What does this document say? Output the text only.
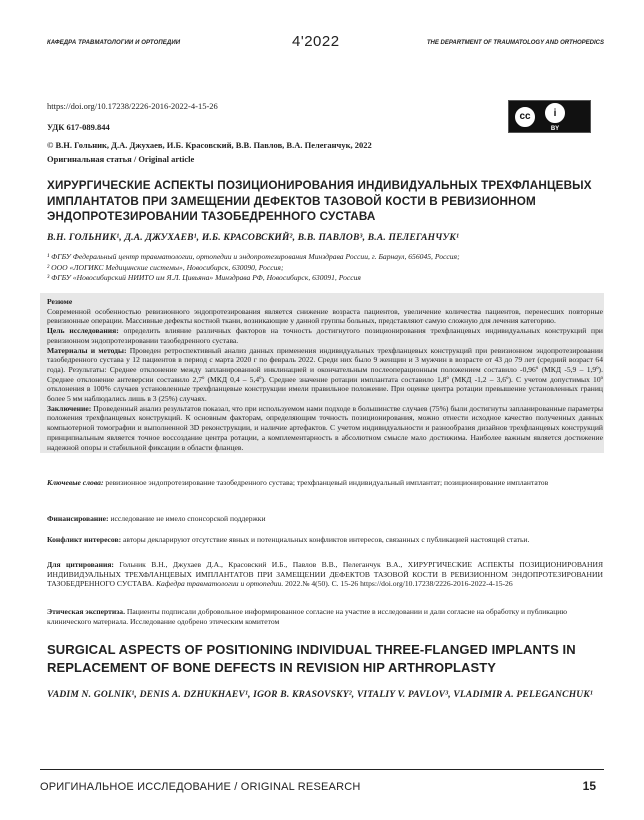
КАФЕДРА ТРАВМАТОЛОГИИ И ОРТОПЕДИИ	4'2022	THE DEPARTMENT OF TRAUMATOLOGY AND ORTHOPEDICS
https://doi.org/10.17238/2226-2016-2022-4-15-26
УДК 617-089.844
© В.Н. Гольник, Д.А. Джухаев, И.Б. Красовский, В.В. Павлов, В.А. Пелеганчук, 2022
Оригинальная статья / Original article
cc	i
BY
ХИРУРГИЧЕСКИЕ АСПЕКТЫ ПОЗИЦИОНИРОВАНИЯ ИНДИВИДУАЛЬНЫХ ТРЕХФЛАНЦЕВЫХ ИМПЛАНТАТОВ ПРИ ЗАМЕЩЕНИИ ДЕФЕКТОВ ТАЗОВОЙ КОСТИ В РЕВИЗИОННОМ ЭНДОПРОТЕЗИРОВАНИИ ТАЗОБЕДРЕННОГО СУСТАВА
В.Н. ГОЛЬНИК¹, Д.А. ДЖУХАЕВ¹, И.Б. КРАСОВСКИЙ², В.В. ПАВЛОВ³, В.А. ПЕЛЕГАНЧУК¹
¹ ФГБУ Федеральный центр травматологии, ортопедии и эндопротезирования Минздрава России, г. Барнаул, 656045, Россия;
² ООО «ЛОГИКС Медицинские системы», Новосибирск, 630090, Россия;
³ ФГБУ «Новосибирский НИИТО им Я.Л. Цивьяна» Минздрава РФ, Новосибирск, 630091, Россия

Резюме

Современной особенностью ревизионного эндопротезирования является снижение возраста пациентов, увеличение количества пациентов, перенесших повторные ревизионные операции. Массивные дефекты костной ткани, возникающие у данной группы больных, представляют самую сложную для лечения категорию.

Цель исследования: определить влияние различных факторов на точность достигнутого позиционирования трехфланцевых индивидуальных конструкций при ревизионном эндопротезировании тазобедренного сустава.

Материалы и методы: Проведен ретроспективный анализ данных применения индивидуальных трехфланцевых конструкций при ревизионном эндопротезировании тазобедренного сустава у 12 пациентов в период с марта 2020 г по февраль 2022. Среди них было 9 женщин и 3 мужчин в возрасте от 43 до 79 лет (средний возраст 64 года). Результаты: Среднее отклонение между запланированной инклинацией и окончательным послеоперационным положением составило -0,96º (МКД -5,9 – 1,9º). Среднее отклонение антеверсии составило 2,7º (МКД 0,4 – 5,4º). Среднее значение ротации имплантата составило 1,8º (МКД -1,2 – 3,6º). С учетом допустимых 10º отклонения в 100% случаев установленные трехфланцевые конструкции имели правильное положение. При оценке центра ротации превышение установленных границ более 5 мм наблюдались лишь в 3 (25%) случаях.

Заключение: Проведенный анализ результатов показал, что при используемом нами подходе в большинстве случаев (75%) были достигнуты запланированные параметры положения трехфланцевых конструкций. К основным факторам, определяющим точность позиционирования, можно отнести исходное качество полученных данных компьютерной томографии и выполненной 3D реконструкции, и наличие артефактов. С учетом индивидуальности и разнообразия дизайнов трехфланцевых конструкций принципиальным является точное воссоздание центра ротации, а комплементарность в абсолютном смысле мало достижима. Наиболее важным является достижение надежной опоры и стабильной фиксации в области фланцев.

Ключевые слова: ревизионное эндопротезирование тазобедренного сустава; трехфланцевый индивидуальный имплантат; позиционирование имплантатов
Финансирование: исследование не имело спонсорской поддержки
Конфликт интересов: авторы декларируют отсутствие явных и потенциальных конфликтов интересов, связанных с публикацией настоящей статьи.
Для цитирования: Гольник В.Н., Джухаев Д.А., Красовский И.Б., Павлов В.В., Пелеганчук В.А., ХИРУРГИЧЕСКИЕ АСПЕКТЫ ПОЗИЦИОНИРОВАНИЯ ИНДИВИДУАЛЬНЫХ ТРЕХФЛАНЦЕВЫХ ИМПЛАНТАТОВ ПРИ ЗАМЕЩЕНИИ ДЕФЕКТОВ ТАЗОВОЙ КОСТИ В РЕВИЗИОННОМ ЭНДОПРОТЕЗИРОВАНИИ ТАЗОБЕДРЕННОГО СУСТАВА. Кафедра травматологии и ортопедии. 2022.№ 4(50). С. 15-26 https://doi.org/10.17238/2226-2016-2022-4-15-26
Этическая экспертиза. Пациенты подписали добровольное информированное согласие на участие в исследовании и дали согласие на обработку и публикацию клинического материала. Исследование одобрено этическим комитетом
SURGICAL ASPECTS OF POSITIONING INDIVIDUAL THREE-FLANGED IMPLANTS IN REPLACEMENT OF BONE DEFECTS IN REVISION HIP ARTHROPLASTY
VADIM N. GOLNIK¹, DENIS A. DZHUKHAEV¹, IGOR B. KRASOVSKY², VITALIY V. PAVLOV³, VLADIMIR A. PELEGANCHUK¹
ОРИГИНАЛЬНОЕ ИССЛЕДОВАНИЕ / ORIGINAL RESEARCH	15
